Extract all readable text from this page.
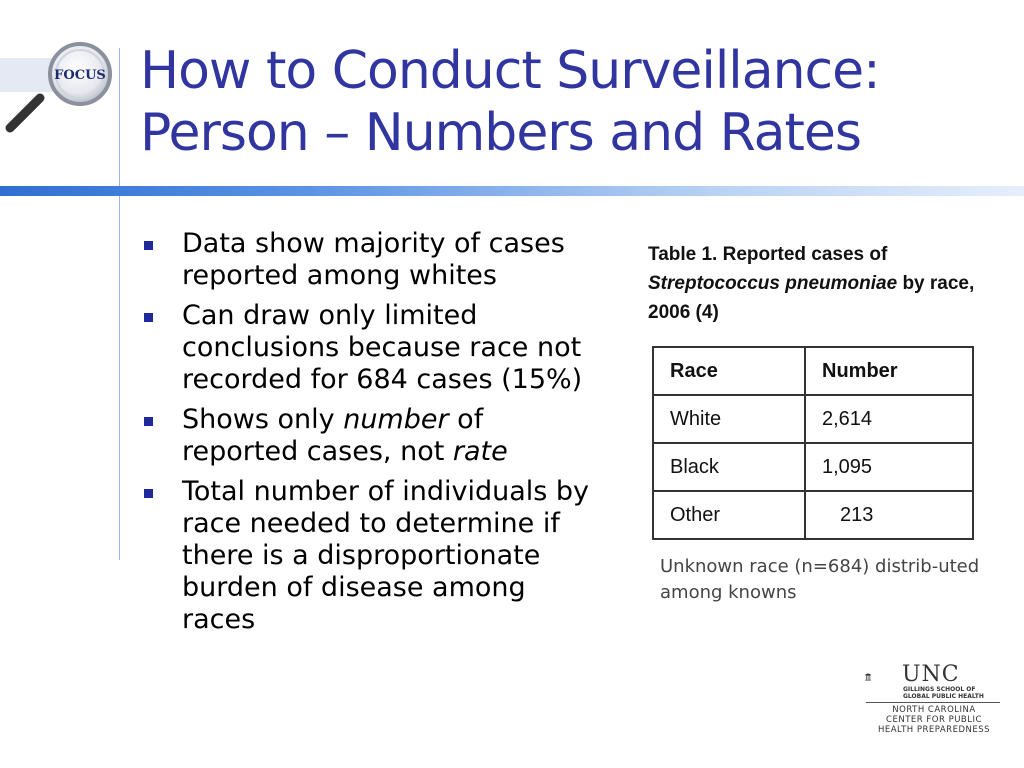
FOCUS How to Conduct Surveillance:
Person – Numbers and Rates
Data show majority of cases reported among whites
Can draw only limited conclusions because race not recorded for 684 cases (15%)
Shows only number of reported cases, not rate
Total number of individuals by race needed to determine if there is a disproportionate burden of disease among races
Table 1. Reported cases of Streptococcus pneumoniae by race, 2006 (4)
Race	Number
White	2,614
Black	1,095
Other	213
Unknown race (n=684) distrib-uted among knowns
UNC
GILLINGS SCHOOL OF
GLOBAL PUBLIC HEALTH
NORTH CAROLINA
CENTER FOR PUBLIC
HEALTH PREPAREDNESS
